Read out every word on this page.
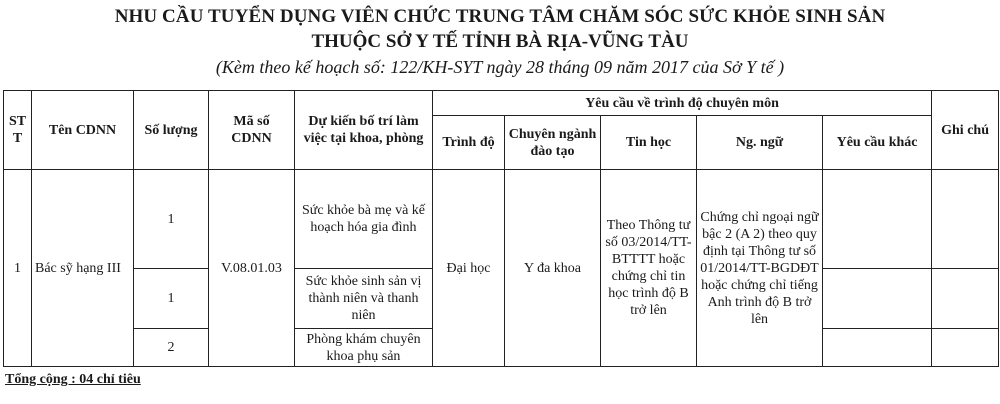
NHU CẦU TUYỂN DỤNG VIÊN CHỨC TRUNG TÂM CHĂM SÓC SỨC KHỎE SINH SẢN
THUỘC SỞ Y TẾ TỈNH BÀ RỊA-VŨNG TÀU
(Kèm theo kế hoạch số: 122/KH-SYT ngày 28 tháng 09 năm 2017 của Sở Y tế )
ST T	Tên CDNN	Số lượng	Mã số CDNN	Dự kiến bố trí làm việc tại khoa, phòng	Yêu cầu về trình độ chuyên môn					Ghi chú
					Trình độ	Chuyên ngành đào tạo	Tin học	Ng. ngữ	Yêu cầu khác	
1	Bác sỹ hạng III	1	V.08.01.03	Sức khỏe bà mẹ và kế hoạch hóa gia đình	Đại học	Y đa khoa	Theo Thông tư số 03/2014/TT-BTTTT hoặc chứng chỉ tin học trình độ B trở lên	Chứng chỉ ngoại ngữ bậc 2 (A 2) theo quy định tại Thông tư số 01/2014/TT-BGDĐT hoặc chứng chỉ tiếng Anh trình độ B trở lên		
		1		Sức khỏe sinh sản vị thành niên và thanh niên						
		2		Phòng khám chuyên khoa phụ sản						
Tổng cộng : 04 chỉ tiêu
